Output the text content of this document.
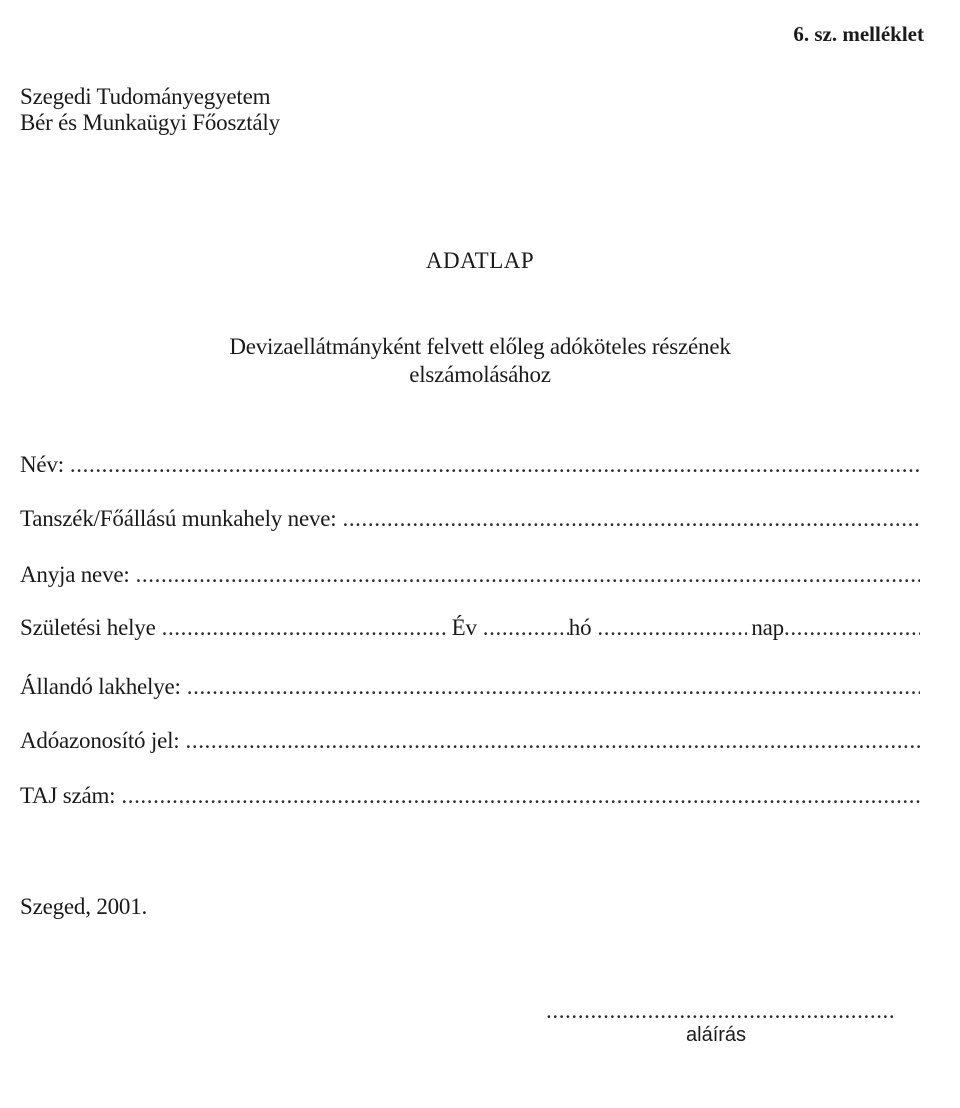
6. sz. melléklet
Szegedi Tudományegyetem
Bér és Munkaügyi Főosztály
ADATLAP
Devizaellátmányként felvett előleg adóköteles részének
elszámolásához
Név:
.....
Tanszék/Főállású munkahely neve:
.....
Anyja neve:
.....
Születési helye .....	Év .....	hó .....	nap
.....
Állandó lakhelye:
.....
Adóazonosító jel:
.....
TAJ szám:
.....
Szeged, 2001.
.....
aláírás
